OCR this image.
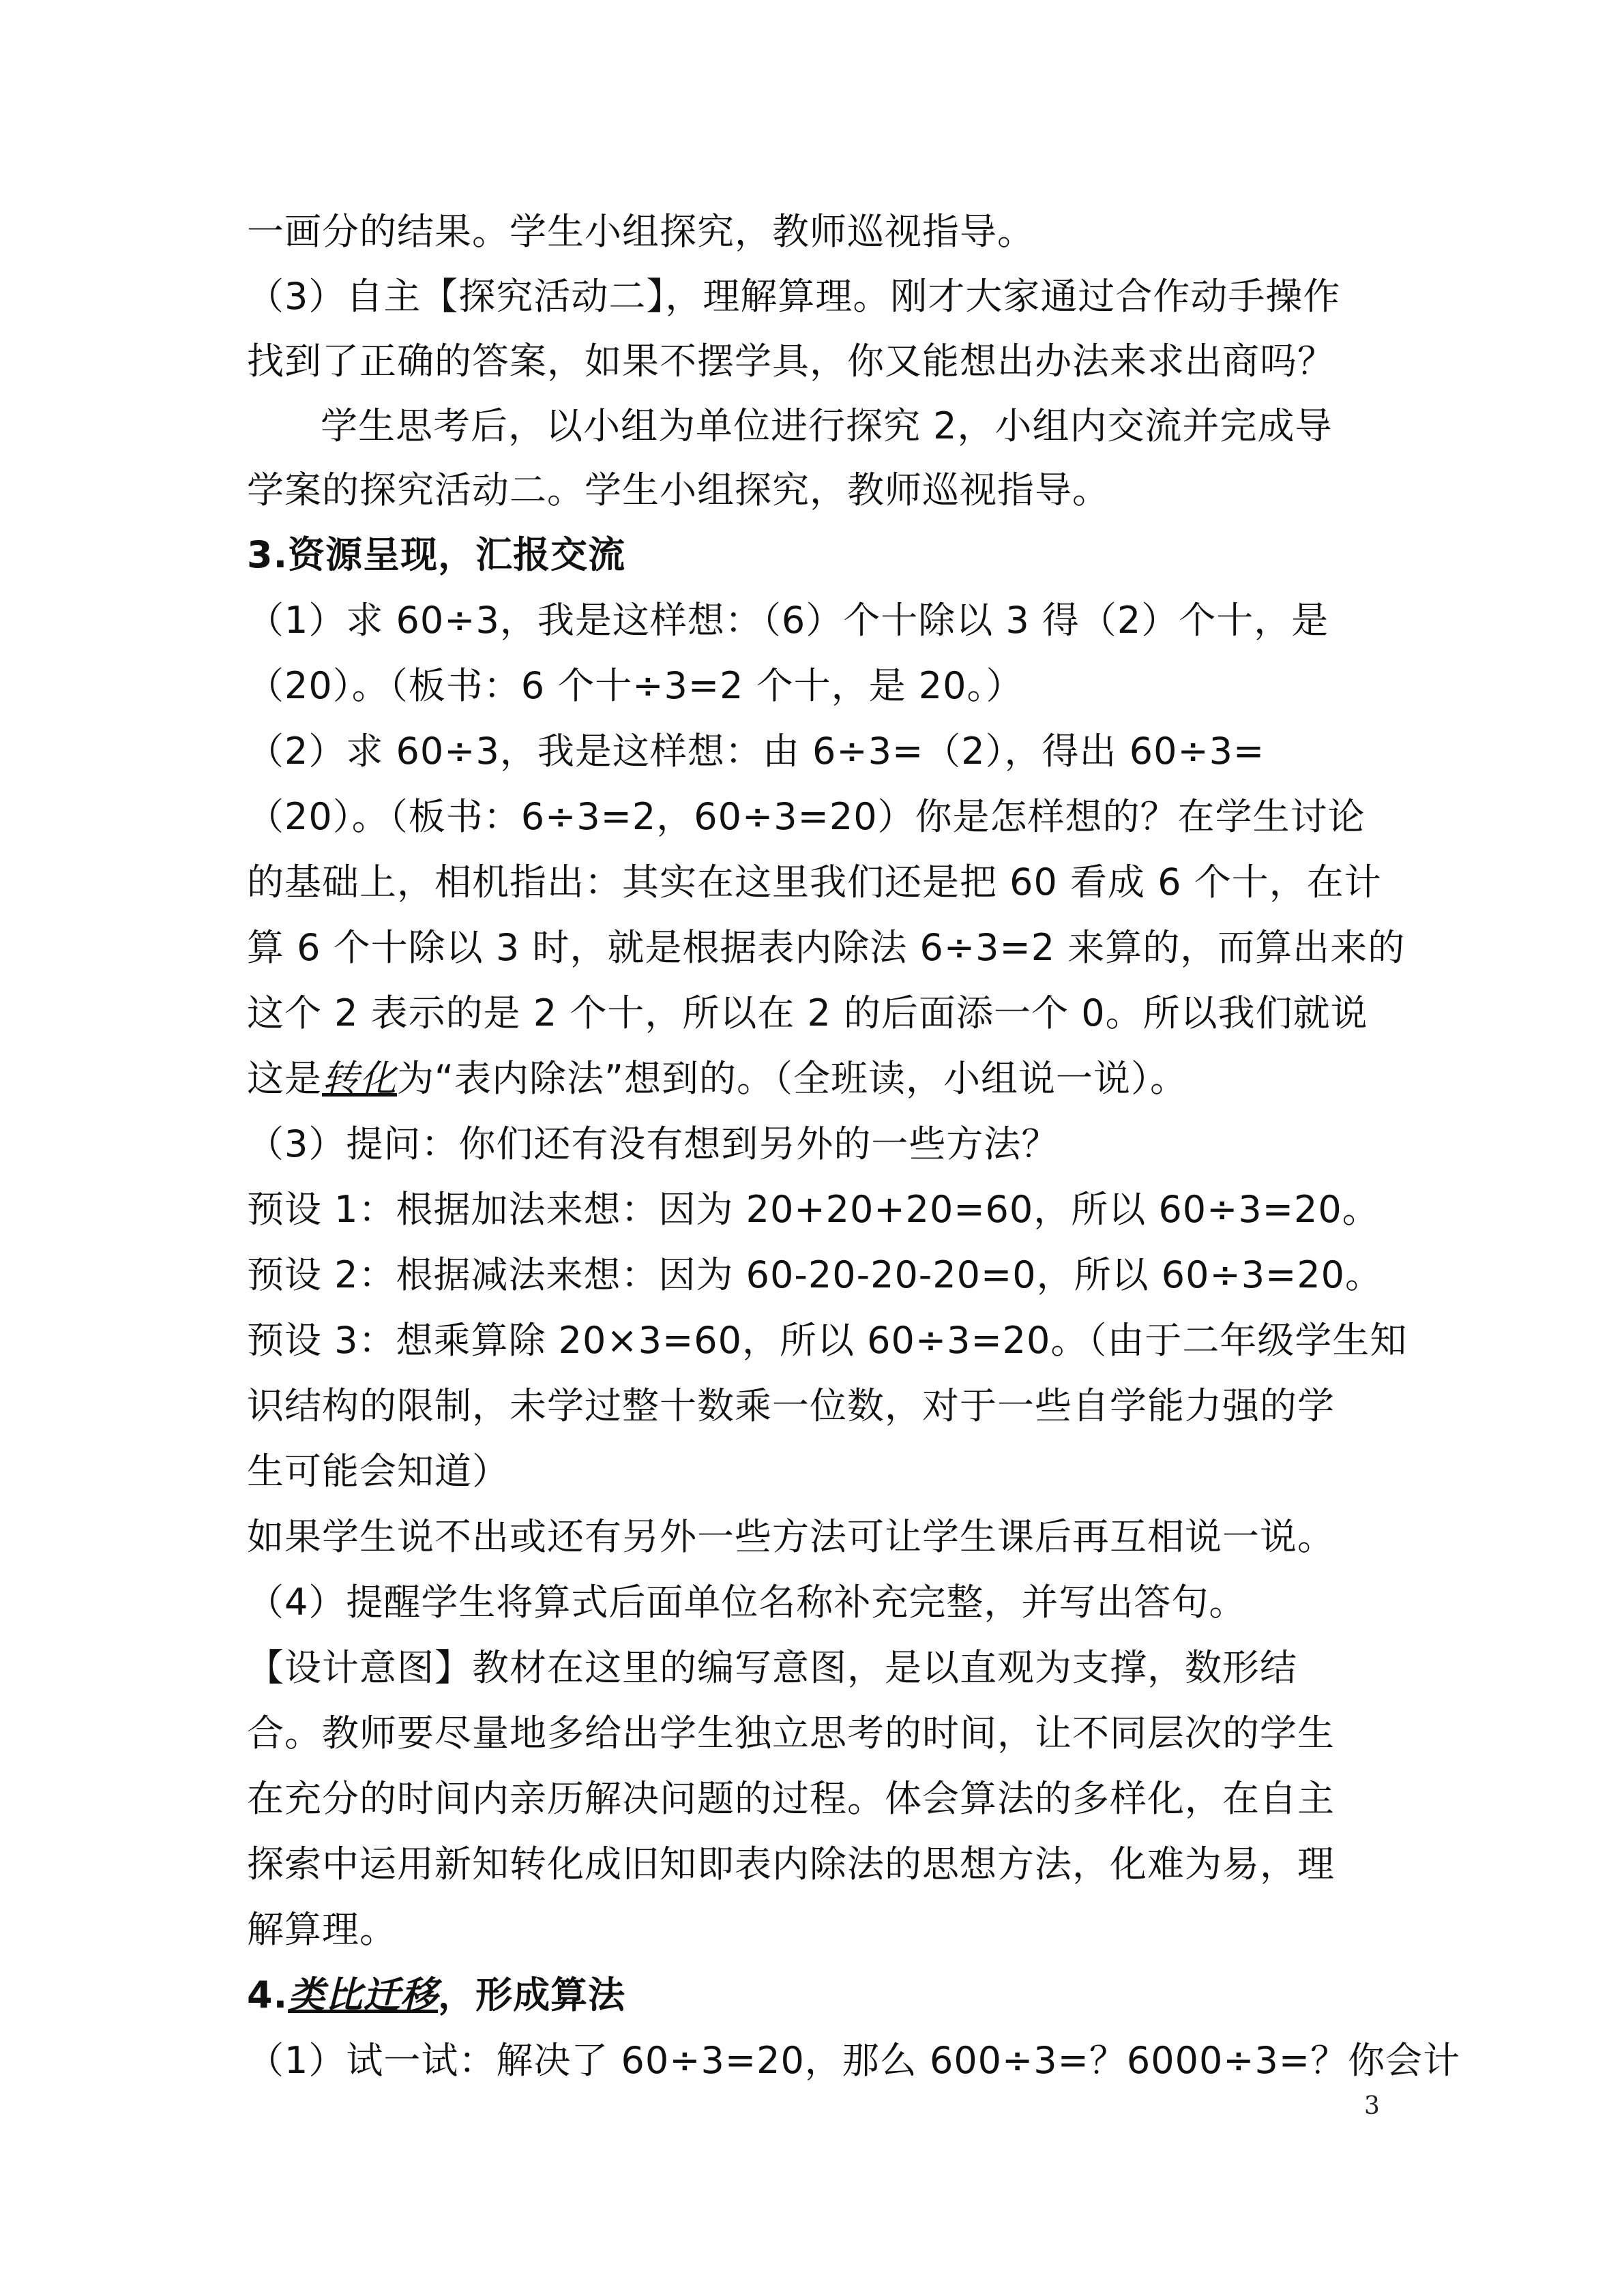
一画分的结果。学生小组探究，教师巡视指导。
（3）自主【探究活动二】，理解算理。刚才大家通过合作动手操作
找到了正确的答案，如果不摆学具，你又能想出办法来求出商吗？
学生思考后，以小组为单位进行探究 2，小组内交流并完成导
学案的探究活动二。学生小组探究，教师巡视指导。
3.资源呈现，汇报交流
（1）求 60÷3，我是这样想：（6）个十除以 3 得（2）个十，是
（20）。（板书：6 个十÷3=2 个十，是 20。）
（2）求 60÷3，我是这样想：由 6÷3=（2），得出 60÷3=
（20）。（板书：6÷3=2，60÷3=20）你是怎样想的？在学生讨论
的基础上，相机指出：其实在这里我们还是把 60 看成 6 个十，在计
算 6 个十除以 3 时，就是根据表内除法 6÷3=2 来算的，而算出来的
这个 2 表示的是 2 个十，所以在 2 的后面添一个 0。所以我们就说
这是转化为“表内除法”想到的。（全班读，小组说一说）。
（3）提问：你们还有没有想到另外的一些方法？
预设 1：根据加法来想：因为 20+20+20=60，所以 60÷3=20。
预设 2：根据减法来想：因为 60-20-20-20=0，所以 60÷3=20。
预设 3：想乘算除 20×3=60，所以 60÷3=20。（由于二年级学生知
识结构的限制，未学过整十数乘一位数，对于一些自学能力强的学
生可能会知道）
如果学生说不出或还有另外一些方法可让学生课后再互相说一说。
（4）提醒学生将算式后面单位名称补充完整，并写出答句。
【设计意图】教材在这里的编写意图，是以直观为支撑，数形结
合。教师要尽量地多给出学生独立思考的时间，让不同层次的学生
在充分的时间内亲历解决问题的过程。体会算法的多样化，在自主
探索中运用新知转化成旧知即表内除法的思想方法，化难为易，理
解算理。
4.类比迁移，形成算法
（1）试一试：解决了 60÷3=20，那么 600÷3=？6000÷3=？你会计
3
